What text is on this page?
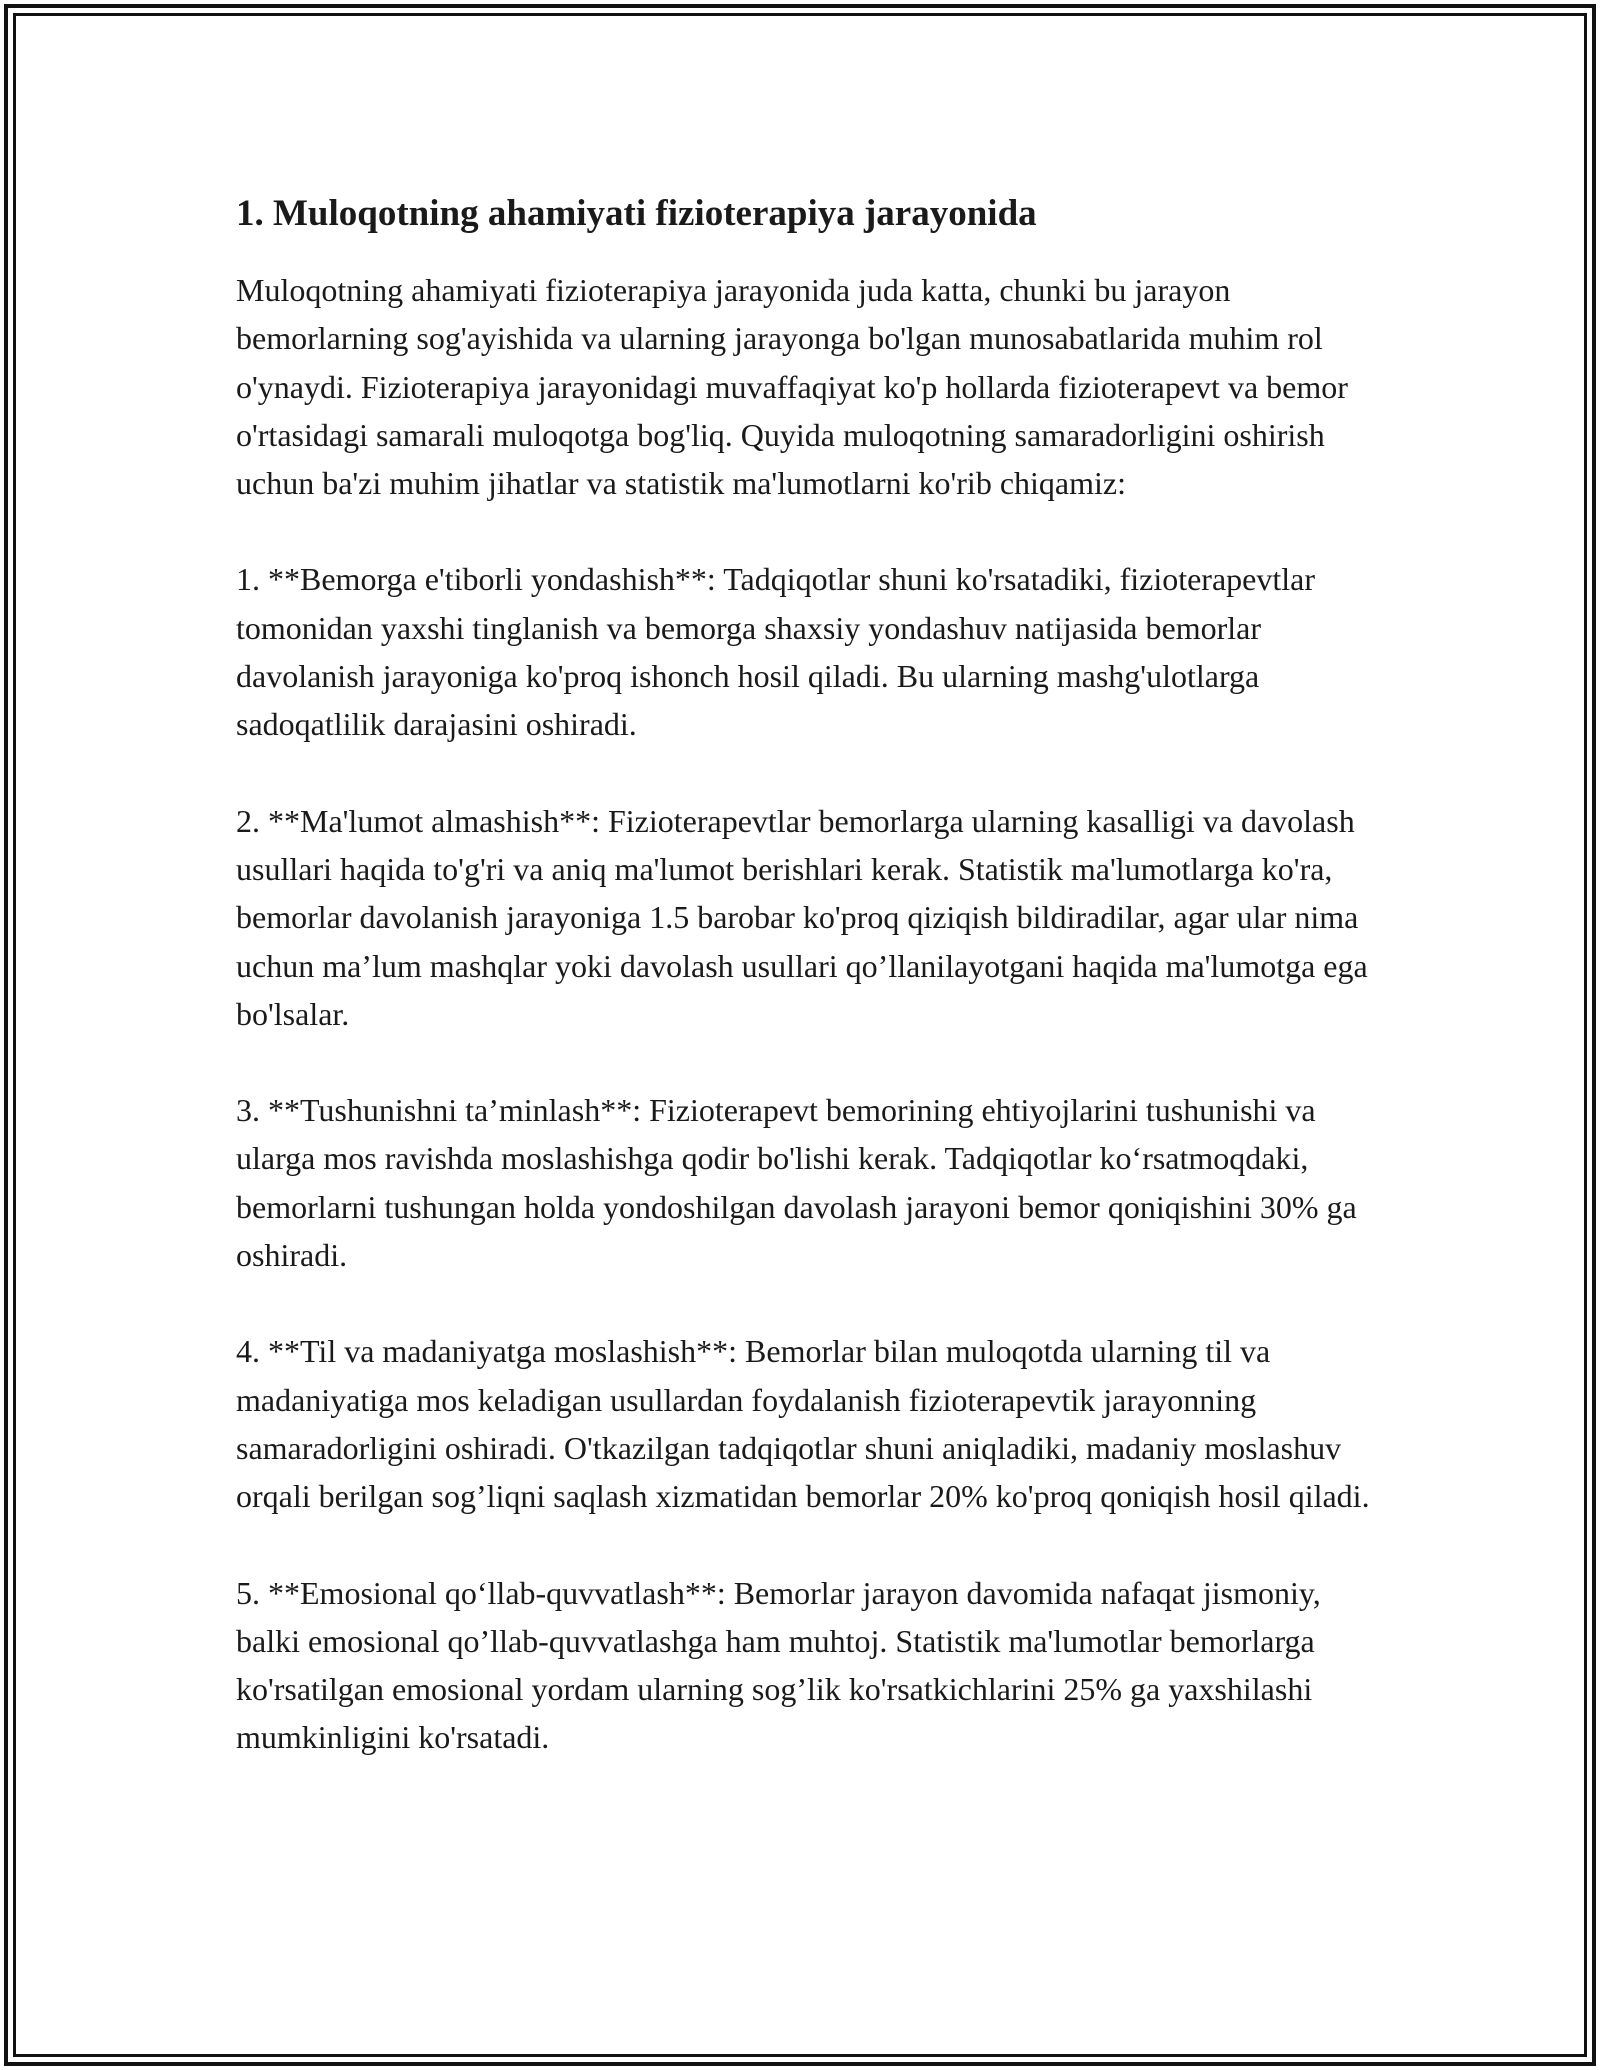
1. Muloqotning ahamiyati fizioterapiya jarayonida

Muloqotning ahamiyati fizioterapiya jarayonida juda katta, chunki bu jarayon bemorlarning sog'ayishida va ularning jarayonga bo'lgan munosabatlarida muhim rol o'ynaydi. Fizioterapiya jarayonidagi muvaffaqiyat ko'p hollarda fizioterapevt va bemor o'rtasidagi samarali muloqotga bog'liq. Quyida muloqotning samaradorligini oshirish uchun ba'zi muhim jihatlar va statistik ma'lumotlarni ko'rib chiqamiz:

1. **Bemorga e'tiborli yondashish**: Tadqiqotlar shuni ko'rsatadiki, fizioterapevtlar tomonidan yaxshi tinglanish va bemorga shaxsiy yondashuv natijasida bemorlar davolanish jarayoniga ko'proq ishonch hosil qiladi. Bu ularning mashg'ulotlarga sadoqatlilik darajasini oshiradi.

2. **Ma'lumot almashish**: Fizioterapevtlar bemorlarga ularning kasalligi va davolash usullari haqida to'g'ri va aniq ma'lumot berishlari kerak. Statistik ma'lumotlarga ko'ra, bemorlar davolanish jarayoniga 1.5 barobar ko'proq qiziqish bildiradilar, agar ular nima uchun ma’lum mashqlar yoki davolash usullari qo’llanilayotgani haqida ma'lumotga ega bo'lsalar.

3. **Tushunishni ta’minlash**: Fizioterapevt bemorining ehtiyojlarini tushunishi va ularga mos ravishda moslashishga qodir bo'lishi kerak. Tadqiqotlar ko‘rsatmoqdaki, bemorlarni tushungan holda yondoshilgan davolash jarayoni bemor qoniqishini 30% ga oshiradi.

4. **Til va madaniyatga moslashish**: Bemorlar bilan muloqotda ularning til va madaniyatiga mos keladigan usullardan foydalanish fizioterapevtik jarayonning samaradorligini oshiradi. O'tkazilgan tadqiqotlar shuni aniqladiki, madaniy moslashuv orqali berilgan sog’liqni saqlash xizmatidan bemorlar 20% ko'proq qoniqish hosil qiladi.

5. **Emosional qo‘llab-quvvatlash**: Bemorlar jarayon davomida nafaqat jismoniy, balki emosional qo’llab-quvvatlashga ham muhtoj. Statistik ma'lumotlar bemorlarga ko'rsatilgan emosional yordam ularning sog’lik ko'rsatkichlarini 25% ga yaxshilashi mumkinligini ko'rsatadi.
